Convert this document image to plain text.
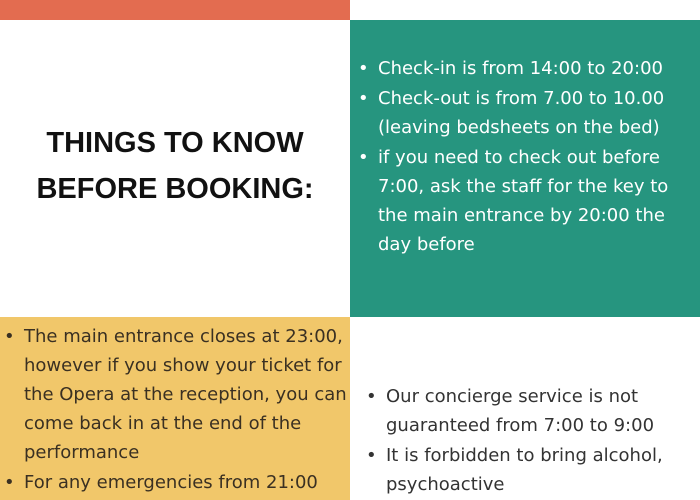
THINGS TO KNOW
BEFORE BOOKING:
• Check-in is from 14:00 to 20:00
• Check-out is from 7.00 to 10.00 (leaving bedsheets on the bed)
• if you need to check out before 7:00, ask the staff for the key to the main entrance by 20:00 the day before
• The main entrance closes at 23:00, however if you show your ticket for the Opera at the reception, you can come back in at the end of the performance
• For any emergencies from 21:00
• Our concierge service is not guaranteed from 7:00 to 9:00
• It is forbidden to bring alcohol, psychoactive
